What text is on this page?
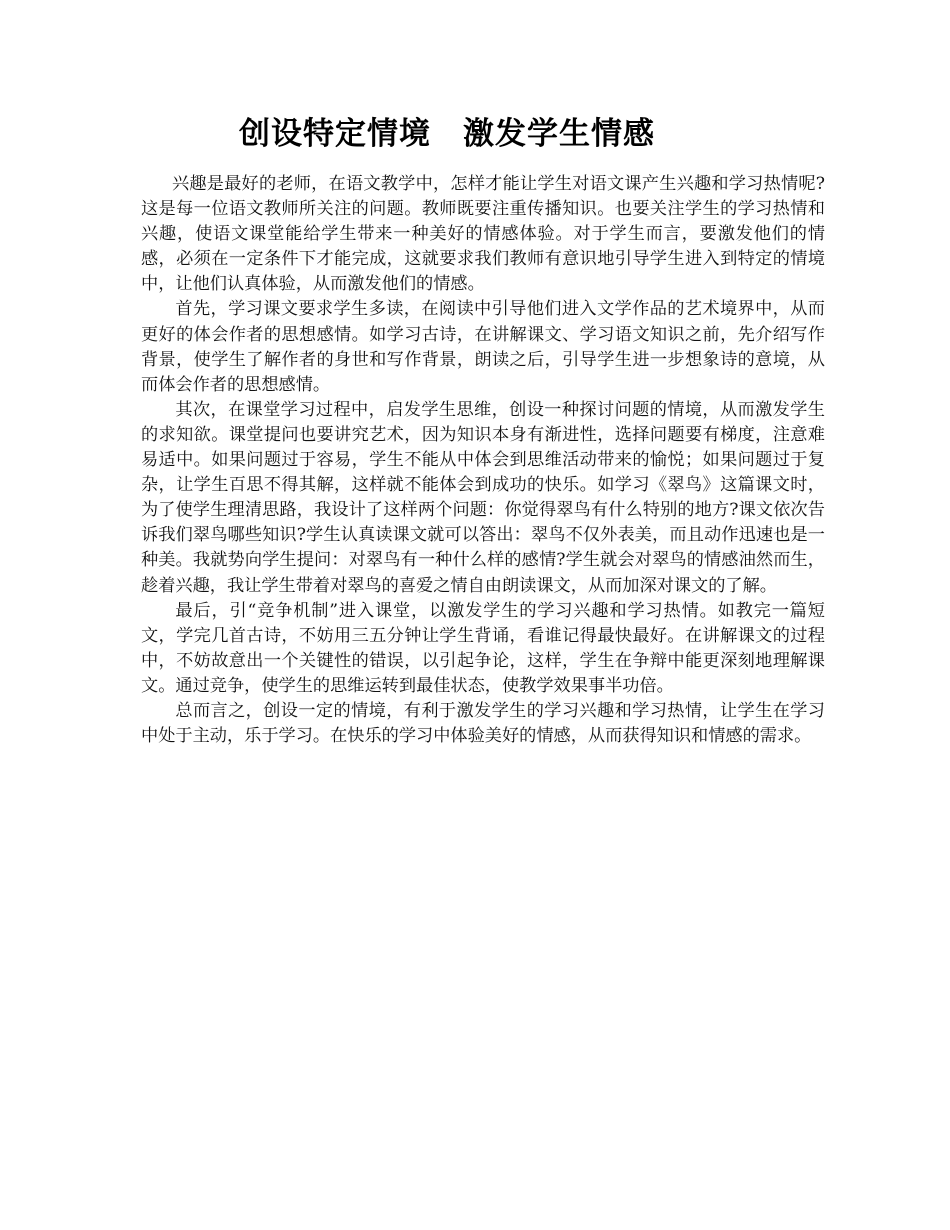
创设特定情境　激发学生情感

兴趣是最好的老师，在语文教学中，怎样才能让学生对语文课产生兴趣和学习热情呢?这是每一位语文教师所关注的问题。教师既要注重传播知识。也要关注学生的学习热情和兴趣，使语文课堂能给学生带来一种美好的情感体验。对于学生而言，要激发他们的情感，必须在一定条件下才能完成，这就要求我们教师有意识地引导学生进入到特定的情境中，让他们认真体验，从而激发他们的情感。

首先，学习课文要求学生多读，在阅读中引导他们进入文学作品的艺术境界中，从而更好的体会作者的思想感情。如学习古诗，在讲解课文、学习语文知识之前，先介绍写作背景，使学生了解作者的身世和写作背景，朗读之后，引导学生进一步想象诗的意境，从而体会作者的思想感情。

其次，在课堂学习过程中，启发学生思维，创设一种探讨问题的情境，从而激发学生的求知欲。课堂提问也要讲究艺术，因为知识本身有渐进性，选择问题要有梯度，注意难易适中。如果问题过于容易，学生不能从中体会到思维活动带来的愉悦；如果问题过于复杂，让学生百思不得其解，这样就不能体会到成功的快乐。如学习《翠鸟》这篇课文时，为了使学生理清思路，我设计了这样两个问题：你觉得翠鸟有什么特别的地方?课文依次告诉我们翠鸟哪些知识?学生认真读课文就可以答出：翠鸟不仅外表美，而且动作迅速也是一种美。我就势向学生提问：对翠鸟有一种什么样的感情?学生就会对翠鸟的情感油然而生，趁着兴趣，我让学生带着对翠鸟的喜爱之情自由朗读课文，从而加深对课文的了解。

最后，引“竞争机制”进入课堂，以激发学生的学习兴趣和学习热情。如教完一篇短文，学完几首古诗，不妨用三五分钟让学生背诵，看谁记得最快最好。在讲解课文的过程中，不妨故意出一个关键性的错误，以引起争论，这样，学生在争辩中能更深刻地理解课文。通过竞争，使学生的思维运转到最佳状态，使教学效果事半功倍。

总而言之，创设一定的情境，有利于激发学生的学习兴趣和学习热情，让学生在学习中处于主动，乐于学习。在快乐的学习中体验美好的情感，从而获得知识和情感的需求。
